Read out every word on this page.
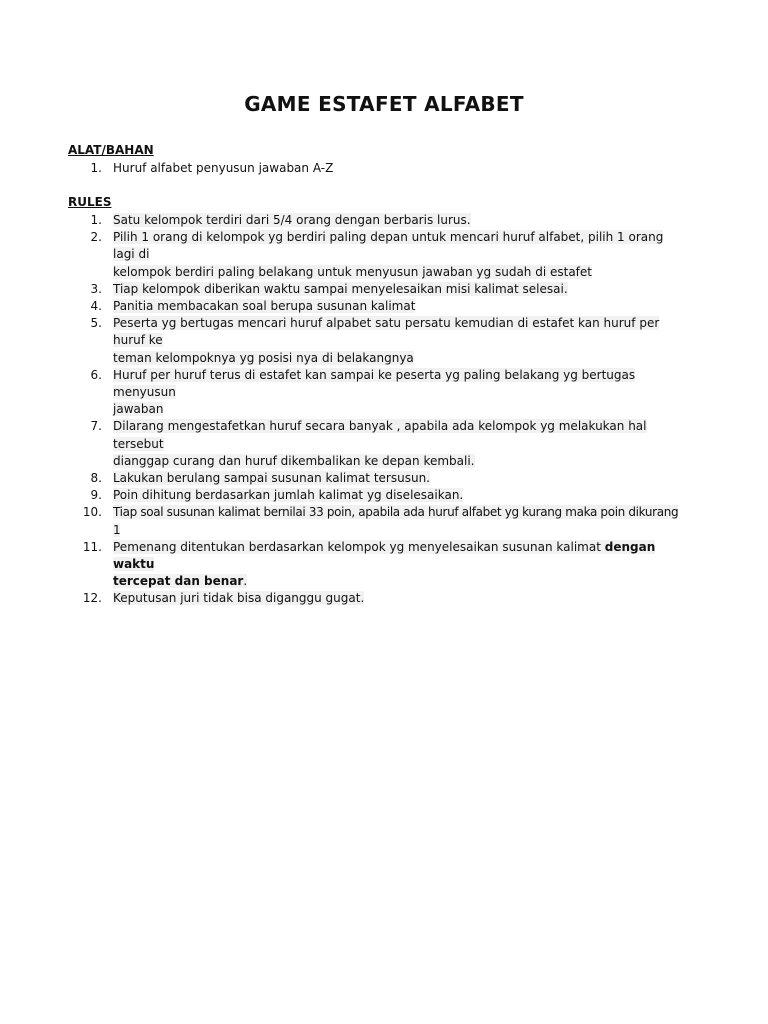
GAME ESTAFET ALFABET
ALAT/BAHAN
1. Huruf alfabet penyusun jawaban A-Z
RULES
1. Satu kelompok terdiri dari 5/4 orang dengan berbaris lurus.
2. Pilih 1 orang di kelompok yg berdiri paling depan untuk mencari huruf alfabet, pilih 1 orang lagi di
kelompok berdiri paling belakang untuk menyusun jawaban yg sudah di estafet
3. Tiap kelompok diberikan waktu sampai menyelesaikan misi kalimat selesai.
4. Panitia membacakan soal berupa susunan kalimat
5. Peserta yg bertugas mencari huruf alpabet satu persatu kemudian di estafet kan huruf per huruf ke
teman kelompoknya yg posisi nya di belakangnya
6. Huruf per huruf terus di estafet kan sampai ke peserta yg paling belakang yg bertugas menyusun
jawaban
7. Dilarang mengestafetkan huruf secara banyak , apabila ada kelompok yg melakukan hal tersebut
dianggap curang dan huruf dikembalikan ke depan kembali.
8. Lakukan berulang sampai susunan kalimat tersusun.
9. Poin dihitung berdasarkan jumlah kalimat yg diselesaikan.
10. Tiap soal susunan kalimat bernilai 33 poin, apabila ada huruf alfabet yg kurang maka poin dikurang 1
11. Pemenang ditentukan berdasarkan kelompok yg menyelesaikan susunan kalimat dengan waktu
tercepat dan benar.
12. Keputusan juri tidak bisa diganggu gugat.
